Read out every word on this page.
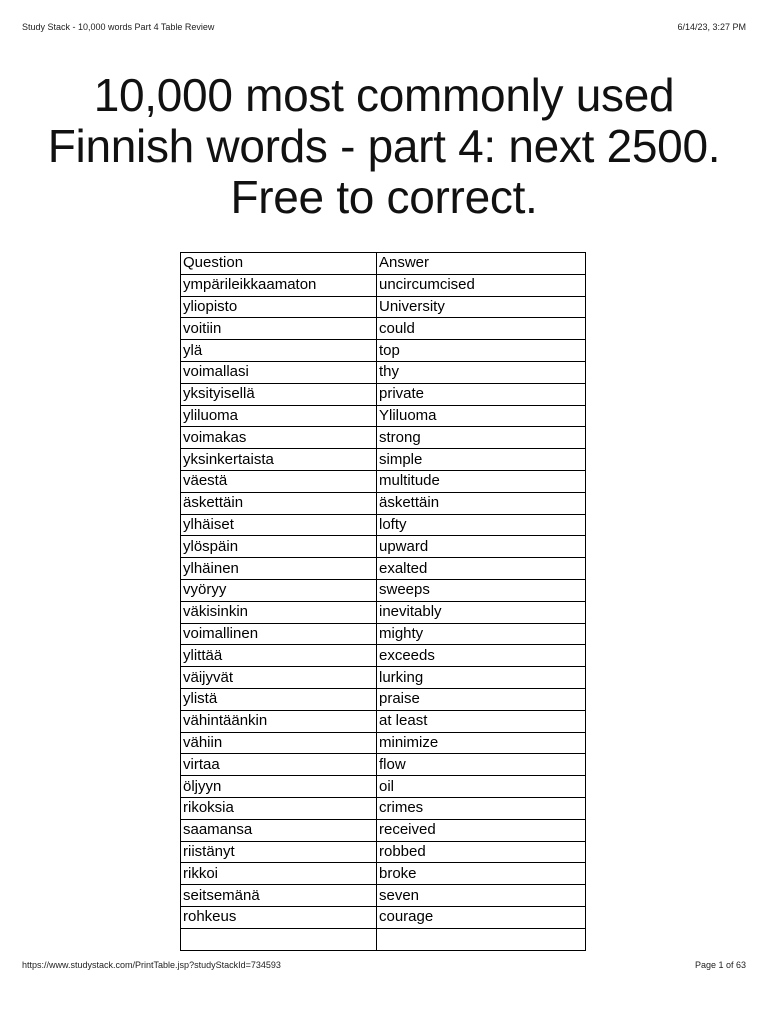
Study Stack - 10,000 words Part 4 Table Review	6/14/23, 3:27 PM
10,000 most commonly used
Finnish words - part 4: next 2500.
Free to correct.
Question	Answer
ympärileikkaamaton	uncircumcised
yliopisto	University
voitiin	could
ylä	top
voimallasi	thy
yksityisellä	private
yliluoma	Yliluoma
voimakas	strong
yksinkertaista	simple
väestä	multitude
äskettäin	äskettäin
ylhäiset	lofty
ylöspäin	upward
ylhäinen	exalted
vyöryy	sweeps
väkisinkin	inevitably
voimallinen	mighty
ylittää	exceeds
väijyvät	lurking
ylistä	praise
vähintäänkin	at least
vähiin	minimize
virtaa	flow
öljyyn	oil
rikoksia	crimes
saamansa	received
riistänyt	robbed
rikkoi	broke
seitsemänä	seven
rohkeus	courage

https://www.studystack.com/PrintTable.jsp?studyStackId=734593	Page 1 of 63
